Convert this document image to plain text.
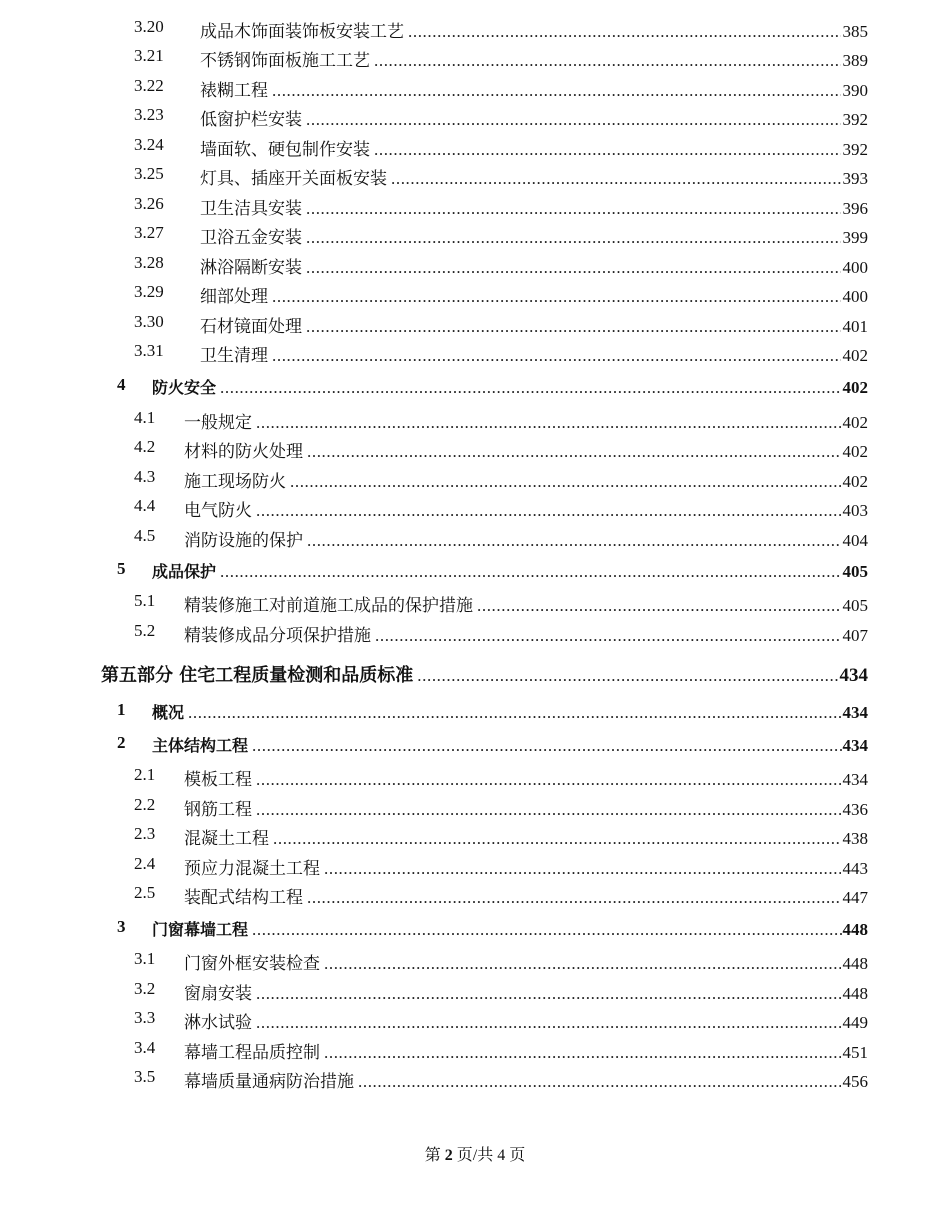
3.20 成品木饰面装饰板安装工艺 .....	385
3.21 不锈钢饰面板施工工艺 .....	389
3.22 裱糊工程 .....	390
3.23 低窗护栏安装 .....	392
3.24 墙面软、硬包制作安装 .....	392
3.25 灯具、插座开关面板安装 .....	393
3.26 卫生洁具安装 .....	396
3.27 卫浴五金安装 .....	399
3.28 淋浴隔断安装 .....	400
3.29 细部处理 .....	400
3.30 石材镜面处理 .....	401
3.31 卫生清理 .....	402
4 防火安全 .....	402
4.1 一般规定 .....	402
4.2 材料的防火处理 .....	402
4.3 施工现场防火 .....	402
4.4 电气防火 .....	403
4.5 消防设施的保护 .....	404
5 成品保护 .....	405
5.1 精装修施工对前道施工成品的保护措施 .....	405
5.2 精装修成品分项保护措施 .....	407
第五部分 住宅工程质量检测和品质标准 .....	434
1 概况 .....	434
2 主体结构工程 .....	434
2.1 模板工程 .....	434
2.2 钢筋工程 .....	436
2.3 混凝土工程 .....	438
2.4 预应力混凝土工程 .....	443
2.5 装配式结构工程 .....	447
3 门窗幕墙工程 .....	448
3.1 门窗外框安装检查 .....	448
3.2 窗扇安装 .....	448
3.3 淋水试验 .....	449
3.4 幕墙工程品质控制 .....	451
3.5 幕墙质量通病防治措施 .....	456
第 2 页/共 4 页
